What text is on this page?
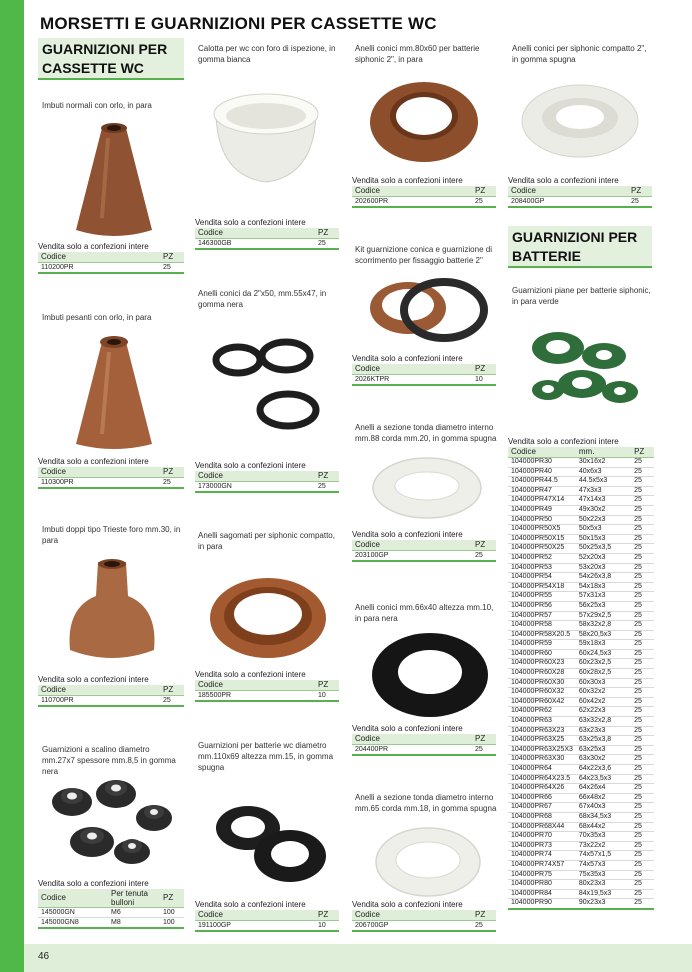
MORSETTI E GUARNIZIONI PER CASSETTE WC
GUARNIZIONI PER CASSETTE WC
GUARNIZIONI PER BATTERIE
Imbuti normali con orlo, in para
Vendita solo a confezioni intere
Codice	PZ
110200PR	25
Imbuti pesanti con orlo, in para
Vendita solo a confezioni intere
Codice	PZ
110300PR	25
Imbuti doppi tipo Trieste foro mm.30, in para
Vendita solo a confezioni intere
Codice	PZ
110700PR	25
Guarnizioni a scalino diametro mm.27x7 spessore mm.8,5 in gomma nera
Vendita solo a confezioni intere
Codice	Per tenuta bulloni	PZ
145000GN	M6	100
145000GN8	M8	100
Calotta per wc con foro di ispezione, in gomma bianca
Vendita solo a confezioni intere
Codice	PZ
146300GB	25
Anelli conici da 2"x50, mm.55x47, in gomma nera
Vendita solo a confezioni intere
Codice	PZ
173000GN	25
Anelli sagomati per siphonic compatto, in para
Vendita solo a confezioni intere
Codice	PZ
185500PR	10
Guarnizioni per batterie wc diametro mm.110x69 altezza mm.15, in gomma spugna
Vendita solo a confezioni intere
Codice	PZ
191100GP	10
Anelli conici mm.80x60 per batterie siphonic 2", in para
Vendita solo a confezioni intere
Codice	PZ
202600PR	25
Kit guarnizione conica e guarnizione di scorrimento per fissaggio batterie 2"
Vendita solo a confezioni intere
Codice	PZ
2026KTPR	10
Anelli a sezione tonda diametro interno mm.88 corda mm.20, in gomma spugna
Vendita solo a confezioni intere
Codice	PZ
203100GP	25
Anelli conici mm.66x40 altezza mm.10, in para nera
Vendita solo a confezioni intere
Codice	PZ
204400PR	25
Anelli a sezione tonda diametro interno mm.65 corda mm.18, in gomma spugna
Vendita solo a confezioni intere
Codice	PZ
206700GP	25
Anelli conici per siphonic compatto 2", in gomma spugna
Vendita solo a confezioni intere
Codice	PZ
208400GP	25
Guarnizioni piane per batterie siphonic, in para verde
Vendita solo a confezioni intere
Codice	mm.	PZ
104000PR30	30x16x2	25
104000PR40	40x6x3	25
104000PR44.5	44.5x5x3	25
104000PR47	47x3x3	25
104000PR47X14	47x14x3	25
104000PR49	49x30x2	25
104000PR50	50x22x3	25
104000PR50X5	50x5x3	25
104000PR50X15	50x15x3	25
104000PR50X25	50x25x3,5	25
104000PR52	52x20x3	25
104000PR53	53x20x3	25
104000PR54	54x26x3,8	25
104000PR54X18	54x18x3	25
104000PR55	57x31x3	25
104000PR56	56x25x3	25
104000PR57	57x29x2,5	25
104000PR58	58x32x2,8	25
104000PR58X20.5	58x20,5x3	25
104000PR59	59x18x3	25
104000PR60	60x24,5x3	25
104000PR60X23	60x23x2,5	25
104000PR60X28	60x28x2,5	25
104000PR60X30	60x30x3	25
104000PR60X32	60x32x2	25
104000PR60X42	60x42x2	25
104000PR62	62x22x3	25
104000PR63	63x32x2,8	25
104000PR63X23	63x23x3	25
104000PR63X25	63x25x3,8	25
104000PR63X25X3	63x25x3	25
104000PR63X30	63x30x2	25
104000PR64	64x22x3,6	25
104000PR64X23.5	64x23,5x3	25
104000PR64X26	64x26x4	25
104000PR66	66x48x2	25
104000PR67	67x40x3	25
104000PR68	68x34,5x3	25
104000PR68X44	68x44x2	25
104000PR70	70x35x3	25
104000PR73	73x22x2	25
104000PR74	74x57x1,5	25
104000PR74X57	74x57x3	25
104000PR75	75x35x3	25
104000PR80	80x23x3	25
104000PR84	84x19,5x3	25
104000PR90	90x23x3	25
46
